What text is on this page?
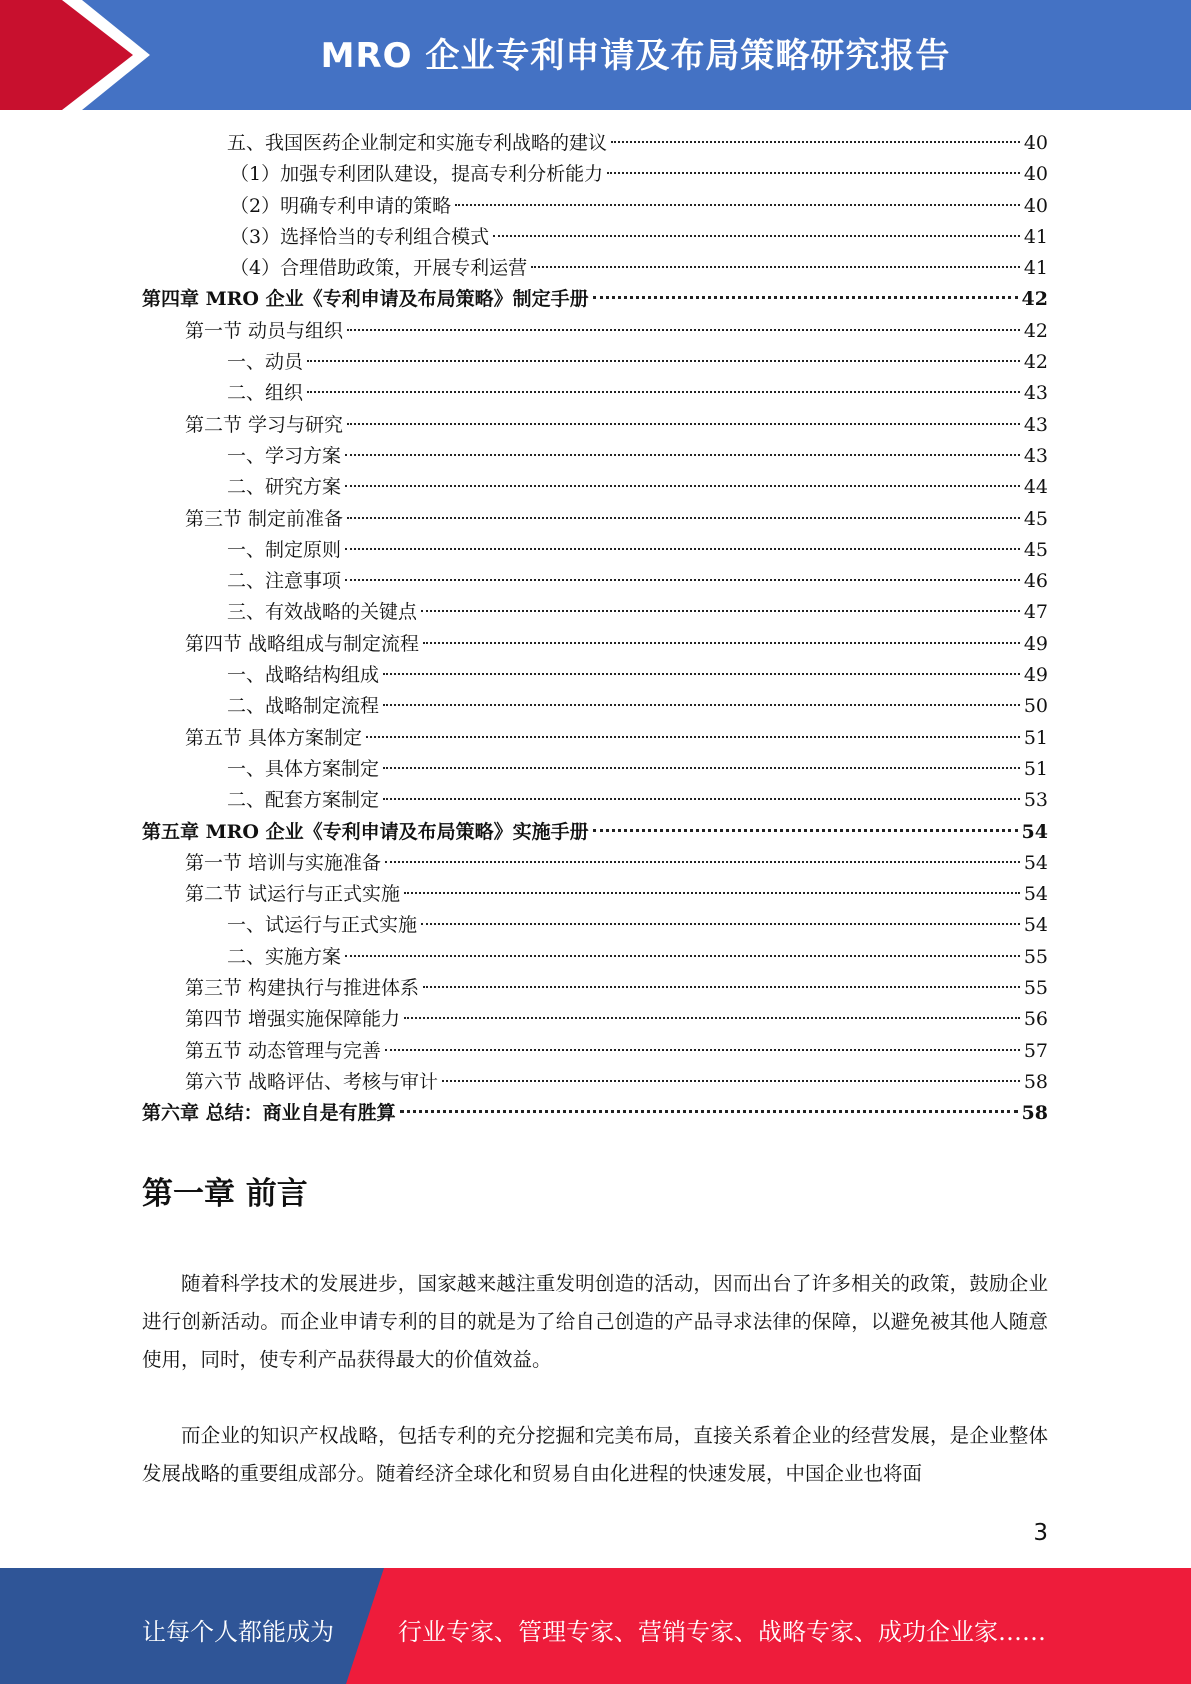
MRO 企业专利申请及布局策略研究报告
五、我国医药企业制定和实施专利战略的建议	40
（1）加强专利团队建设，提高专利分析能力	40
（2）明确专利申请的策略	40
（3）选择恰当的专利组合模式	41
（4）合理借助政策，开展专利运营	41
第四章 MRO 企业《专利申请及布局策略》制定手册	42
第一节 动员与组织	42
一、动员	42
二、组织	43
第二节 学习与研究	43
一、学习方案	43
二、研究方案	44
第三节 制定前准备	45
一、制定原则	45
二、注意事项	46
三、有效战略的关键点	47
第四节 战略组成与制定流程	49
一、战略结构组成	49
二、战略制定流程	50
第五节 具体方案制定	51
一、具体方案制定	51
二、配套方案制定	53
第五章 MRO 企业《专利申请及布局策略》实施手册	54
第一节 培训与实施准备	54
第二节 试运行与正式实施	54
一、试运行与正式实施	54
二、实施方案	55
第三节 构建执行与推进体系	55
第四节 增强实施保障能力	56
第五节 动态管理与完善	57
第六节 战略评估、考核与审计	58
第六章 总结：商业自是有胜算	58
第一章 前言

随着科学技术的发展进步，国家越来越注重发明创造的活动，因而出台了许多相关的政策，鼓励企业进行创新活动。而企业申请专利的目的就是为了给自己创造的产品寻求法律的保障，以避免被其他人随意使用，同时，使专利产品获得最大的价值效益。

而企业的知识产权战略，包括专利的充分挖掘和完美布局，直接关系着企业的经营发展，是企业整体发展战略的重要组成部分。随着经济全球化和贸易自由化进程的快速发展，中国企业也将面

3
让每个人都能成为	行业专家、管理专家、营销专家、战略专家、成功企业家……
